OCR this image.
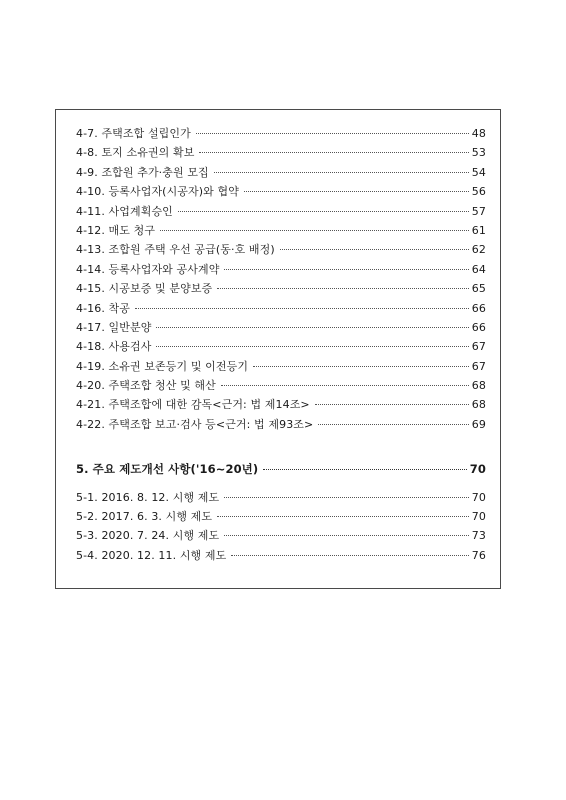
4-7. 주택조합 설립인가	48
4-8. 토지 소유권의 확보	53
4-9. 조합원 추가·충원 모집	54
4-10. 등록사업자(시공자)와 협약	56
4-11. 사업계획승인	57
4-12. 매도 청구	61
4-13. 조합원 주택 우선 공급(동·호 배정)	62
4-14. 등록사업자와 공사계약	64
4-15. 시공보증 및 분양보증	65
4-16. 착공	66
4-17. 일반분양	66
4-18. 사용검사	67
4-19. 소유권 보존등기 및 이전등기	67
4-20. 주택조합 청산 및 해산	68
4-21. 주택조합에 대한 감독<근거: 법 제14조>	68
4-22. 주택조합 보고·검사 등<근거: 법 제93조>	69
5. 주요 제도개선 사항('16~20년)	70
5-1. 2016. 8. 12. 시행 제도	70
5-2. 2017. 6. 3. 시행 제도	70
5-3. 2020. 7. 24. 시행 제도	73
5-4. 2020. 12. 11. 시행 제도	76
